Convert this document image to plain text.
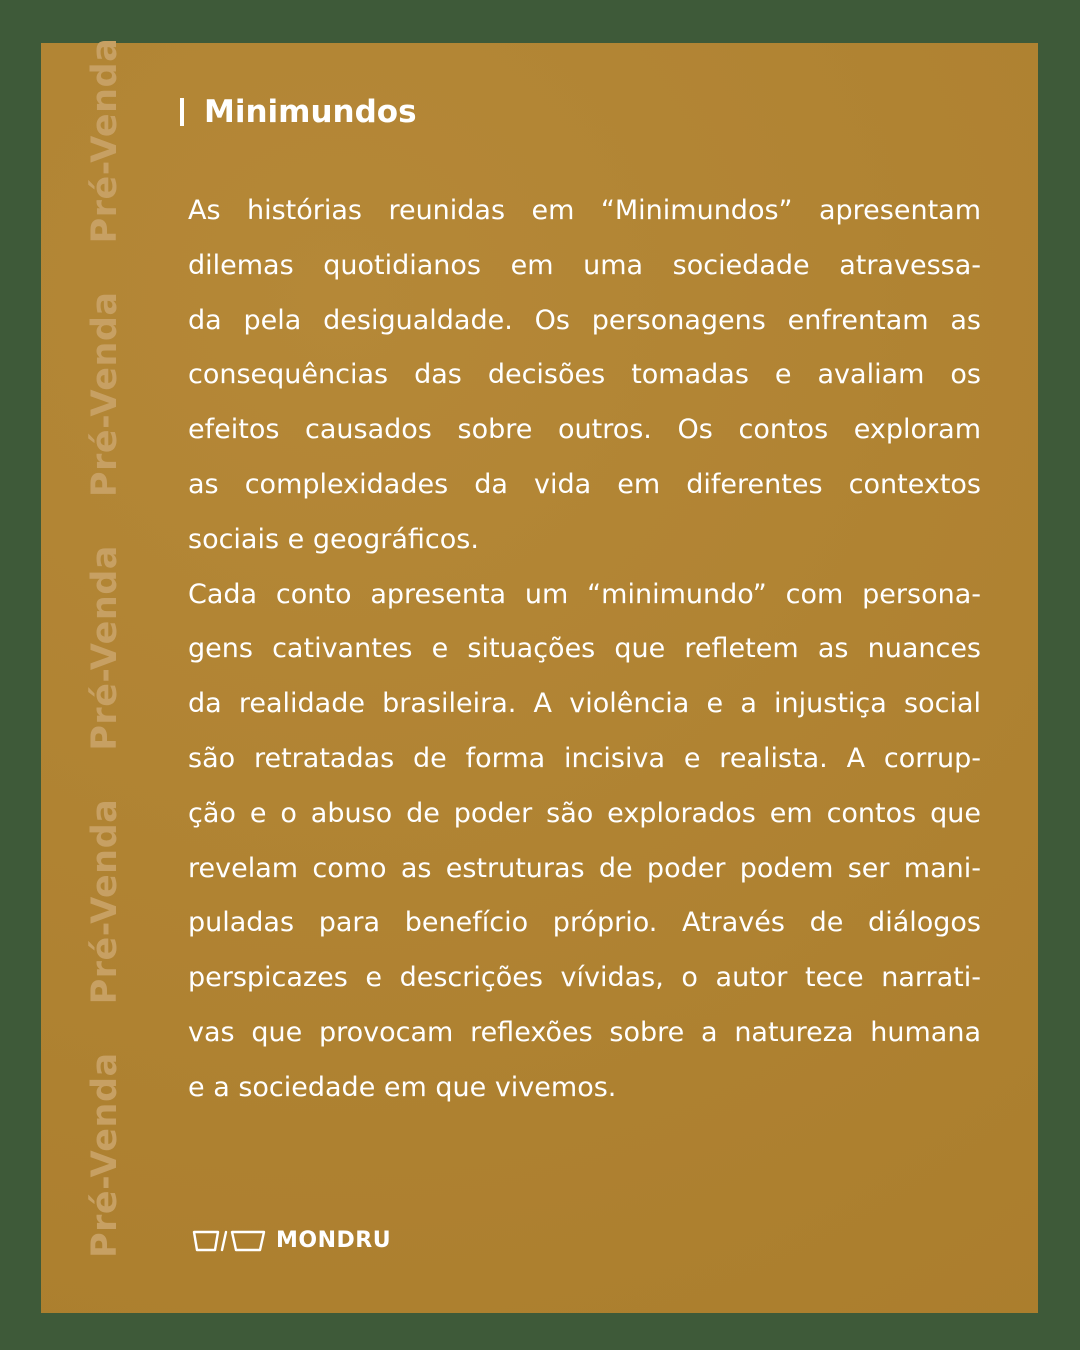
Pré-Venda
Pré-Venda
Pré-Venda
Pré-Venda
Pré-Venda	Minimundos
As histórias reunidas em “Minimundos” apresentam
dilemas quotidianos em uma sociedade atravessa-
da pela desigualdade. Os personagens enfrentam as
consequências das decisões tomadas e avaliam os
efeitos causados sobre outros. Os contos exploram
as complexidades da vida em diferentes contextos
sociais e geográficos.
Cada conto apresenta um “minimundo” com persona-
gens cativantes e situações que refletem as nuances
da realidade brasileira. A violência e a injustiça social
são retratadas de forma incisiva e realista. A corrup-
ção e o abuso de poder são explorados em contos que
revelam como as estruturas de poder podem ser mani-
puladas para benefício próprio. Através de diálogos
perspicazes e descrições vívidas, o autor tece narrati-
vas que provocam reflexões sobre a natureza humana
e a sociedade em que vivemos.
MONDRU
